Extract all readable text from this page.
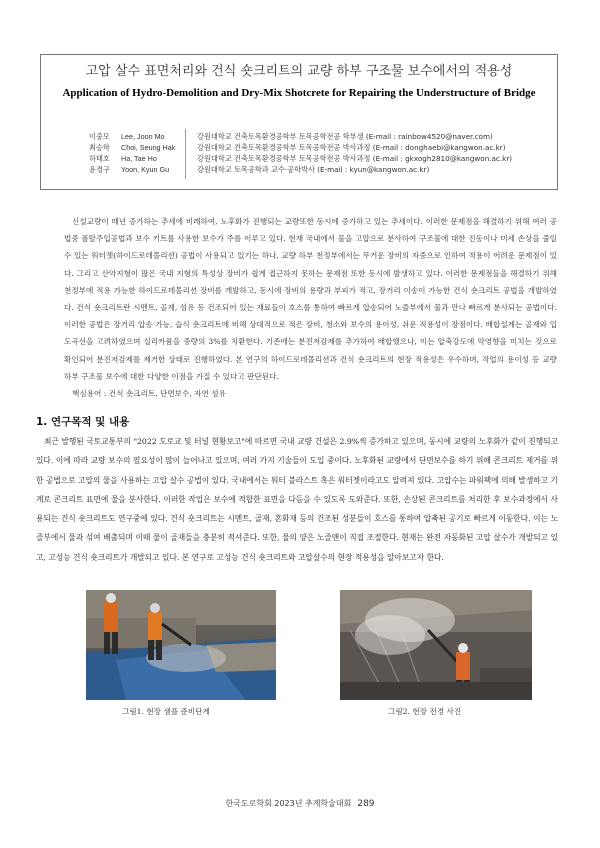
고압 살수 표면처리와 건식 숏크리트의 교량 하부 구조물 보수에서의 적용성
Application of Hydro-Demolition and Dry-Mix Shotcrete for Repairing the Understructure of Bridge
이중모	Lee, Joon Mo	강원대학교 건축토목환경공학부 토목공학전공 학부생 (E-mail : rainbow4520@naver.com)
최승학	Choi, Seung Hak	강원대학교 건축토목환경공학부 토목공학전공 박사과정 (E-mail : donghaebi@kangwon.ac.kr)
하태호	Ha, Tae Ho	강원대학교 건축토목환경공학부 토목공학전공 박사과정 (E-mail : gkxogh2810@kangwon.ac.kr)
윤경구	Yoon, Kyun Gu	강원대학교 토목공학과 교수·공학박사 (E-mail : kyun@kangwon.ac.kr)

신설교량이 매년 증가하는 추세에 비례하여, 노후화가 진행되는 교량또한 동시에 증가하고 있는 추세이다. 이러한 문제점을 해결하기 위해 여러 공법중 폴탈주입공법과 보수 키트를 사용한 보수가 주를 이루고 있다. 현재 국내에서 물을 고압으로 분사하여 구조물에 대한 진동이나 미세 손상을 줄일 수 있는 워터젯(하이드로데몰리션) 공법이 사용되고 있기는 하나, 교량 하부 천정부에서는 무거운 장비의 자중으로 인하여 적용이 어려운 문제점이 있다. 그리고 산악지형이 많은 국내 지형의 특성상 장비가 쉽게 접근하지 못하는 문제점 또한 동시에 발생하고 있다. 이러한 문제점들을 해결하기 위해 천정부에 적용 가능한 하이드로데몰리션 장비를 개발하고, 동시에 장비의 용량과 부피가 적고, 장거리 이송이 가능한 건식 숏크리트 공법을 개발하였다. 건식 숏크리트란 시멘트, 골재, 섬유 등 건조되어 있는 재료들이 호스를 통하여 빠르게 압송되어 노즐부에서 물과 만나 빠르게 분사되는 공법이다. 이러한 공법은 장거리 압송 가능, 습식 숏크리트에 비해 상대적으로 적은 장비, 청소와 보수의 용이성, 쉬운 적용성이 장점이다. 배합설계는 골재와 입도곡선을 고려하였으며 실리카퓸을 중량의 3%를 치환한다. 기존에는 분진저감제를 추가하여 배합했으나, 이는 압축강도에 악영향을 미치는 것으로 확인되어 분진저감제를 제거한 상태로 진행하였다. 본 연구의 하이드로데몰리션과 건식 숏크리트의 현장 적용성은 우수하며, 작업의 용이성 등 교량 하부 구조물 보수에 대한 다양한 이점을 가질 수 있다고 판단된다.

핵심용어 : 건식 숏크리트, 단면보수, 자연 섬유

1. 연구목적 및 내용

최근 발행된 국토교통부의 "2022 도로교 및 터널 현황보고"에 따르면 국내 교량 건설은 2.9%씩 증가하고 있으며, 동시에 교량의 노후화가 같이 진행되고 있다. 이에 따라 교량 보수의 필요성이 많이 늘어나고 있으며, 여러 가지 기술들이 도입 중이다. 노후화된 교량에서 단면보수를 하기 위해 콘크리트 제거를 위한 공법으로 고압의 물을 사용하는 고압 살수 공법이 있다. 국내에서는 워터 블라스트 혹은 워터젯이라고도 알려져 있다. 고압수는 파워팩에 의해 발생하고 기계로 콘크리트 표면에 물을 분사한다. 이러한 작업은 보수에 적합한 표면을 다듬을 수 있도록 도와준다. 또한, 손상된 콘크리트를 처리한 후 보수과정에서 사용되는 건식 숏크리트도 연구중에 있다. 건식 숏크리트는 시멘트, 골재, 혼화재 등의 건조된 성분들이 호스를 통하여 압축된 공기로 빠르게 이동한다. 이는 노즐부에서 물과 섞여 배출되며 이때 물이 골재들을 충분히 적셔준다. 또한, 물의 양은 노즐맨이 직접 조절한다. 현재는 완전 자동화된 고압 살수가 개발되고 있고, 고성능 건식 숏크리트가 개발되고 있다. 본 연구로 고성능 건식 숏크리트와 고압살수의 현장 적용성을 알아보고자 한다.

그림1. 현장 샘플 준비단계	그림2. 현장 전경 사진
한국도로학회 2023년 추계학술대회 289
